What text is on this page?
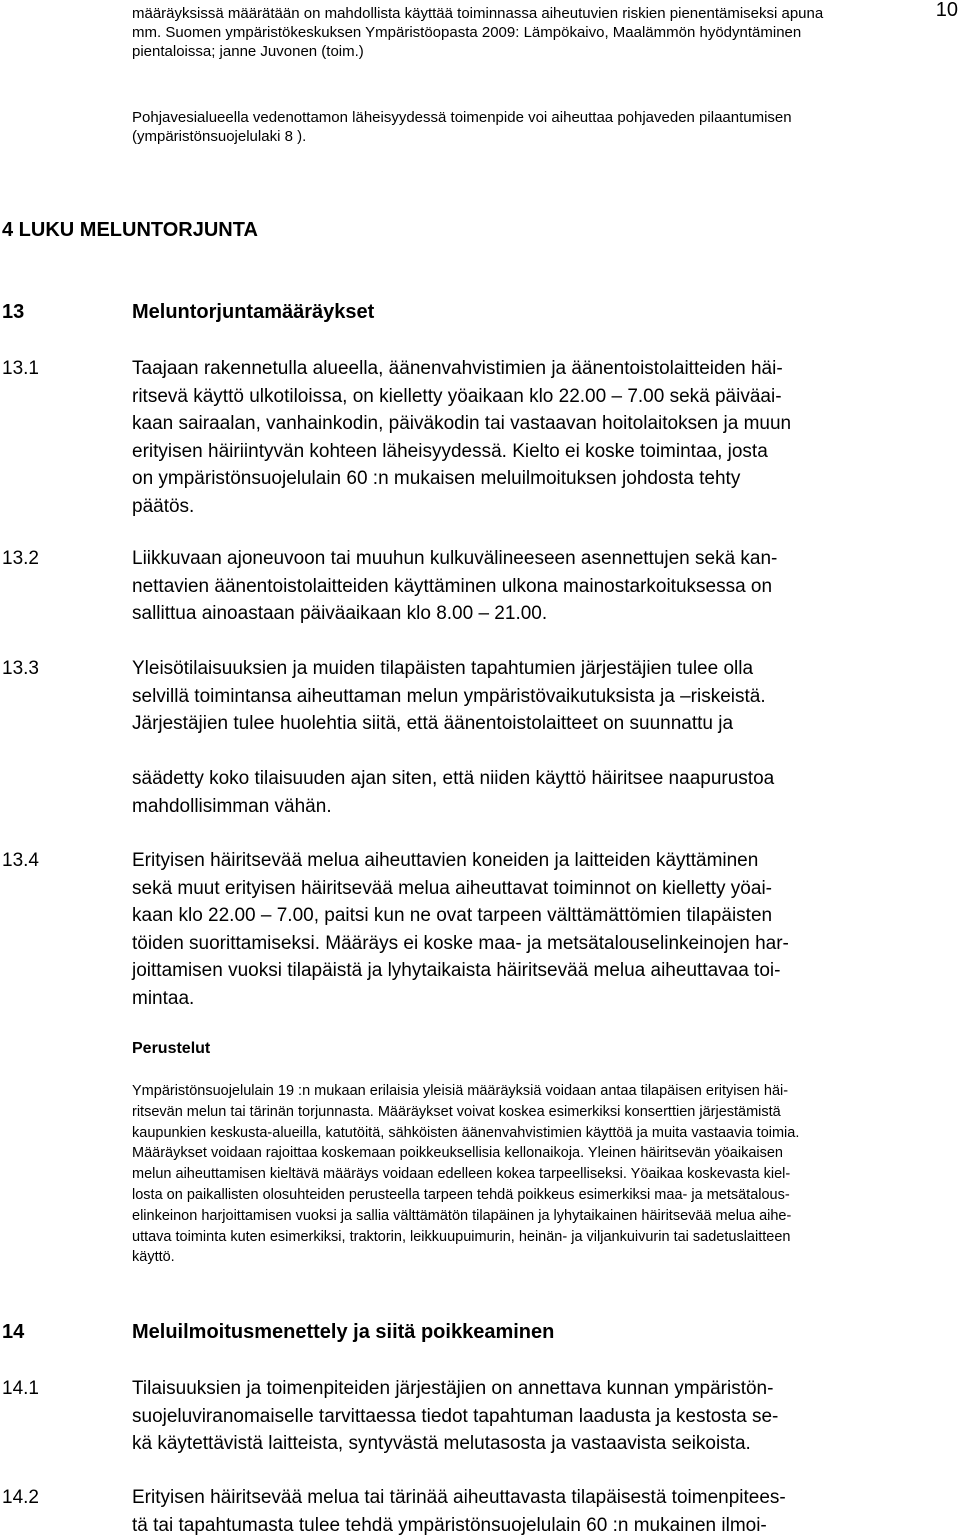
10
määräyksissä määrätään on mahdollista käyttää toiminnassa aiheutuvien riskien pienentämiseksi apuna
mm. Suomen ympäristökeskuksen Ympäristöopasta 2009: Lämpökaivo, Maalämmön hyödyntäminen
pientaloissa; janne Juvonen (toim.)
Pohjavesialueella vedenottamon läheisyydessä toimenpide voi aiheuttaa pohjaveden pilaantumisen
(ympäristönsuojelulaki 8 ⁠).
4 LUKU MELUNTORJUNTA
13	Meluntorjuntamääräykset
13.1	Taajaan rakennetulla alueella, äänenvahvistimien ja äänentoistolaitteiden häi-
ritsevä käyttö ulkotiloissa, on kielletty yöaikaan klo 22.00 – 7.00 sekä päiväai-
kaan sairaalan, vanhainkodin, päiväkodin tai vastaavan hoitolaitoksen ja muun
erityisen häiriintyvän kohteen läheisyydessä. Kielto ei koske toimintaa, josta
on ympäristönsuojelulain 60 ⁠:n mukaisen meluilmoituksen johdosta tehty
päätös.
13.2	Liikkuvaan ajoneuvoon tai muuhun kulkuvälineeseen asennettujen sekä kan-
nettavien äänentoistolaitteiden käyttäminen ulkona mainostarkoituksessa on
sallittua ainoastaan päiväaikaan klo 8.00 – 21.00.
13.3	Yleisötilaisuuksien ja muiden tilapäisten tapahtumien järjestäjien tulee olla
selvillä toimintansa aiheuttaman melun ympäristövaikutuksista ja –riskeistä.
Järjestäjien tulee huolehtia siitä, että äänentoistolaitteet on suunnattu ja
säädetty koko tilaisuuden ajan siten, että niiden käyttö häiritsee naapurustoa
mahdollisimman vähän.
13.4	Erityisen häiritsevää melua aiheuttavien koneiden ja laitteiden käyttäminen
sekä muut erityisen häiritsevää melua aiheuttavat toiminnot on kielletty yöai-
kaan klo 22.00 – 7.00, paitsi kun ne ovat tarpeen välttämättömien tilapäisten
töiden suorittamiseksi. Määräys ei koske maa- ja metsätalouselinkeinojen har-
joittamisen vuoksi tilapäistä ja lyhytaikaista häiritsevää melua aiheuttavaa toi-
mintaa.
Perustelut
Ympäristönsuojelulain 19 ⁠:n mukaan erilaisia yleisiä määräyksiä voidaan antaa tilapäisen erityisen häi-
ritsevän melun tai tärinän torjunnasta. Määräykset voivat koskea esimerkiksi konserttien järjestämistä
kaupunkien keskusta-alueilla, katutöitä, sähköisten äänenvahvistimien käyttöä ja muita vastaavia toimia.
Määräykset voidaan rajoittaa koskemaan poikkeuksellisia kellonaikoja. Yleinen häiritsevän yöaikaisen
melun aiheuttamisen kieltävä määräys voidaan edelleen kokea tarpeelliseksi. Yöaikaa koskevasta kiel-
losta on paikallisten olosuhteiden perusteella tarpeen tehdä poikkeus esimerkiksi maa- ja metsätalous-
elinkeinon harjoittamisen vuoksi ja sallia välttämätön tilapäinen ja lyhytaikainen häiritsevää melua aihe-
uttava toiminta kuten esimerkiksi, traktorin, leikkuupuimurin, heinän- ja viljankuivurin tai sadetuslaitteen
käyttö.
14	Meluilmoitusmenettely ja siitä poikkeaminen
14.1	Tilaisuuksien ja toimenpiteiden järjestäjien on annettava kunnan ympäristön-
suojeluviranomaiselle tarvittaessa tiedot tapahtuman laadusta ja kestosta se-
kä käytettävistä laitteista, syntyvästä melutasosta ja vastaavista seikoista.
14.2	Erityisen häiritsevää melua tai tärinää aiheuttavasta tilapäisestä toimenpitees-
tä tai tapahtumasta tulee tehdä ympäristönsuojelulain 60 ⁠:n mukainen ilmoi-
